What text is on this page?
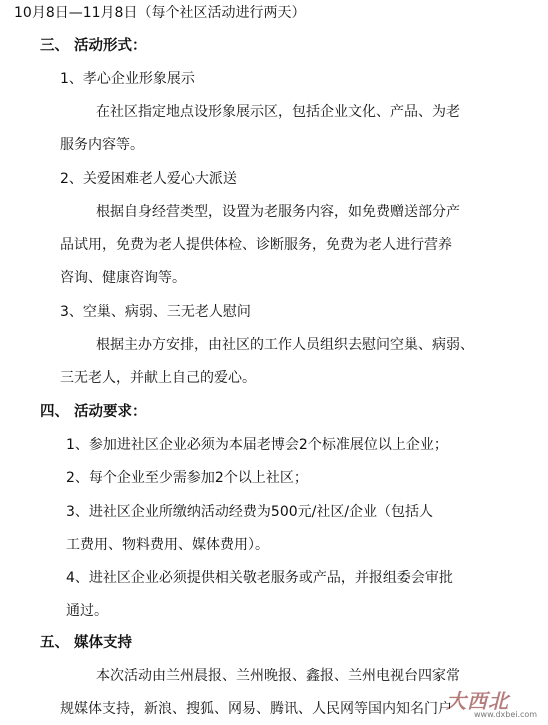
10月8日—11月8日（每个社区活动进行两天）
三、 活动形式：
1、孝心企业形象展示
在社区指定地点设形象展示区，包括企业文化、产品、为老
服务内容等。
2、关爱困难老人爱心大派送
根据自身经营类型，设置为老服务内容，如免费赠送部分产
品试用，免费为老人提供体检、诊断服务，免费为老人进行营养
咨询、健康咨询等。
3、空巢、病弱、三无老人慰问
根据主办方安排，由社区的工作人员组织去慰问空巢、病弱、
三无老人，并献上自己的爱心。
四、 活动要求：
1、参加进社区企业必须为本届老博会2个标准展位以上企业；
2、每个企业至少需参加2个以上社区；
3、进社区企业所缴纳活动经费为500元/社区/企业（包括人
工费用、物料费用、媒体费用）。
4、进社区企业必须提供相关敬老服务或产品，并报组委会审批
通过。
五、 媒体支持
本次活动由兰州晨报、兰州晚报、鑫报、兰州电视台四家常
规媒体支持，新浪、搜狐、网易、腾讯、人民网等国内知名门户
大西北
www.dxbei.com
